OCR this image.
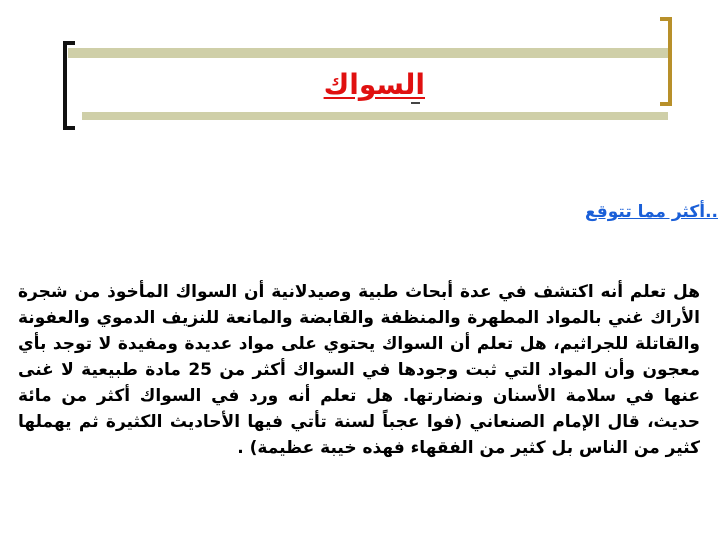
السواك
..أكثر مما تتوقع
هل تعلم أنه اكتشف في عدة أبحاث طبية وصيدلانية أن السواك المأخوذ من شجرة الأراك غني بالمواد المطهرة والمنظفة والقابضة والمانعة للنزيف الدموي والعفونة والقاتلة للجراثيم، هل تعلم أن السواك يحتوي على مواد عديدة ومفيدة لا توجد بأي معجون وأن المواد التي ثبت وجودها في السواك أكثر من 25 مادة طبيعية لا غنى عنها في سلامة الأسنان ونضارتها. هل تعلم أنه ورد في السواك أكثر من مائة حديث، قال الإمام الصنعاني (فوا عجباً لسنة تأتي فيها الأحاديث الكثيرة ثم يهملها كثير من الناس بل كثير من الفقهاء فهذه خيبة عظيمة) .
